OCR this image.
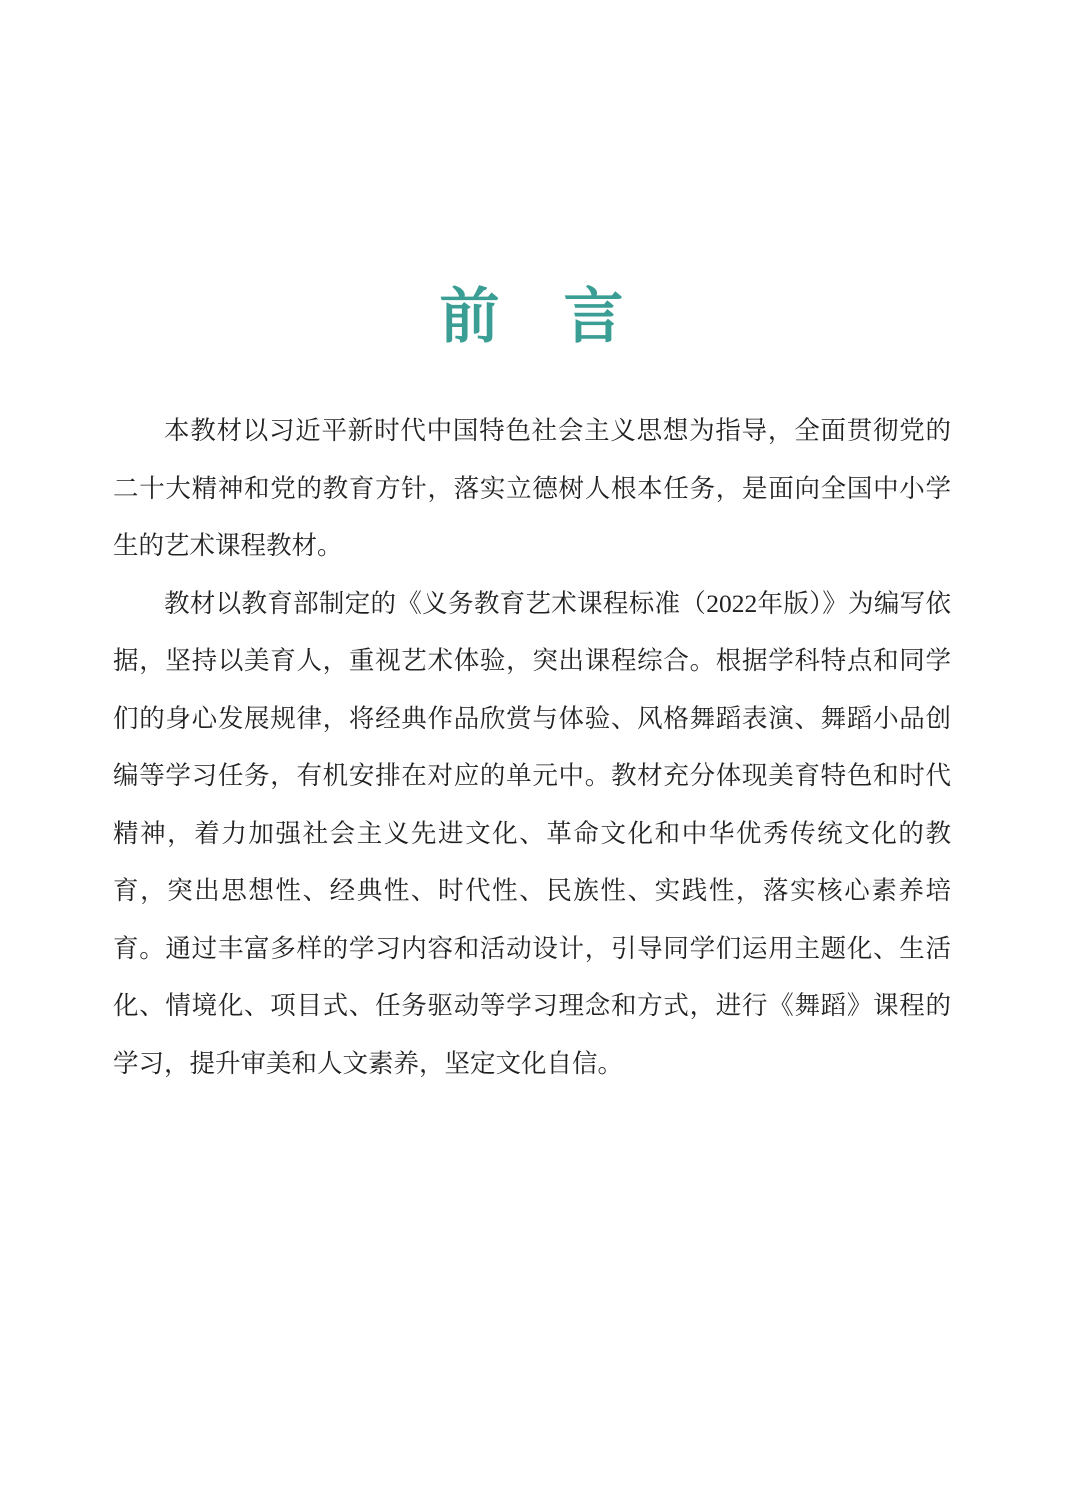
前　言

本教材以习近平新时代中国特色社会主义思想为指导，全面贯彻党的二十大精神和党的教育方针，落实立德树人根本任务，是面向全国中小学生的艺术课程教材。

教材以教育部制定的《义务教育艺术课程标准（2022年版）》为编写依据，坚持以美育人，重视艺术体验，突出课程综合。根据学科特点和同学们的身心发展规律，将经典作品欣赏与体验、风格舞蹈表演、舞蹈小品创编等学习任务，有机安排在对应的单元中。教材充分体现美育特色和时代精神，着力加强社会主义先进文化、革命文化和中华优秀传统文化的教育，突出思想性、经典性、时代性、民族性、实践性，落实核心素养培育。通过丰富多样的学习内容和活动设计，引导同学们运用主题化、生活化、情境化、项目式、任务驱动等学习理念和方式，进行《舞蹈》课程的学习，提升审美和人文素养，坚定文化自信。
